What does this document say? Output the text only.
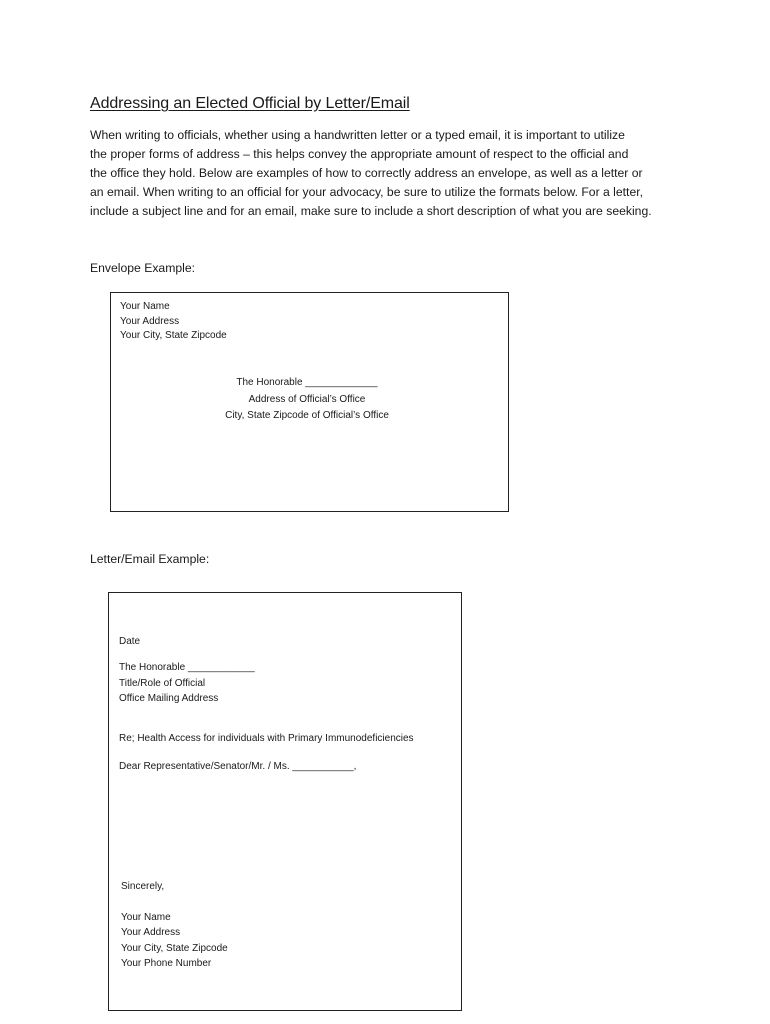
Addressing an Elected Official by Letter/Email
When writing to officials, whether using a handwritten letter or a typed email, it is important to utilize
the proper forms of address – this helps convey the appropriate amount of respect to the official and
the office they hold. Below are examples of how to correctly address an envelope, as well as a letter or
an email. When writing to an official for your advocacy, be sure to utilize the formats below. For a letter,
include a subject line and for an email, make sure to include a short description of what you are seeking.
Envelope Example:
Your Name
Your Address
Your City, State Zipcode
The Honorable _____________
Address of Official’s Office
City, State Zipcode of Official’s Office
Letter/Email Example:
Date
The Honorable ____________
Title/Role of Official
Office Mailing Address
Re; Health Access for individuals with Primary Immunodeficiencies
Dear Representative/Senator/Mr. / Ms. ___________,
Sincerely,
Your Name
Your Address
Your City, State Zipcode
Your Phone Number
